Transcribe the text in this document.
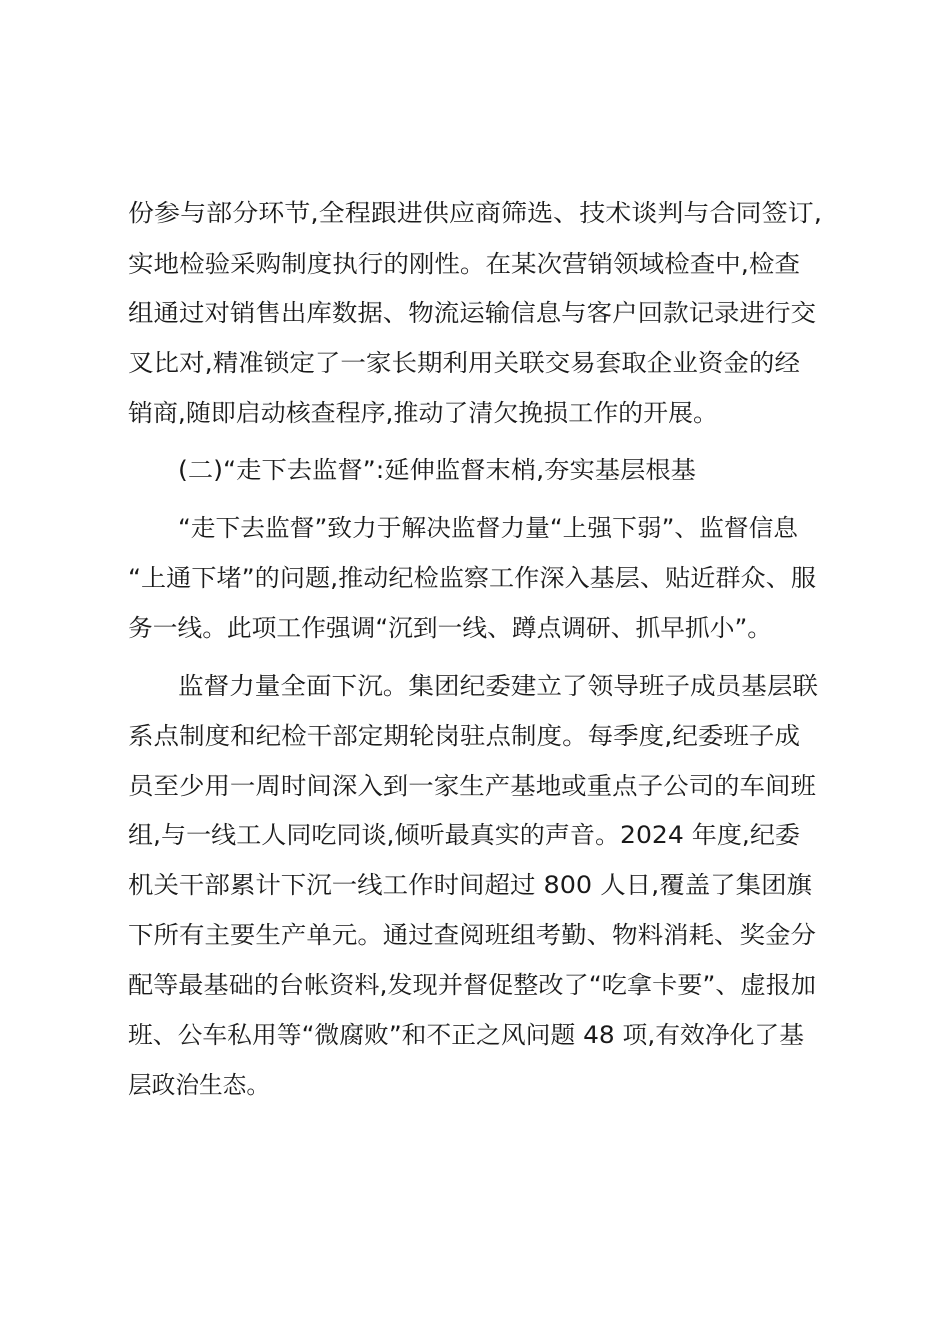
份参与部分环节,全程跟进供应商筛选、技术谈判与合同签订,
实地检验采购制度执行的刚性。在某次营销领域检查中,检查
组通过对销售出库数据、物流运输信息与客户回款记录进行交
叉比对,精准锁定了一家长期利用关联交易套取企业资金的经
销商,随即启动核查程序,推动了清欠挽损工作的开展。
(二)“走下去监督”:延伸监督末梢,夯实基层根基
“走下去监督”致力于解决监督力量“上强下弱”、监督信息
“上通下堵”的问题,推动纪检监察工作深入基层、贴近群众、服
务一线。此项工作强调“沉到一线、蹲点调研、抓早抓小”。
监督力量全面下沉。集团纪委建立了领导班子成员基层联
系点制度和纪检干部定期轮岗驻点制度。每季度,纪委班子成
员至少用一周时间深入到一家生产基地或重点子公司的车间班
组,与一线工人同吃同谈,倾听最真实的声音。2024 年度,纪委
机关干部累计下沉一线工作时间超过 800 人日,覆盖了集团旗
下所有主要生产单元。通过查阅班组考勤、物料消耗、奖金分
配等最基础的台帐资料,发现并督促整改了“吃拿卡要”、虚报加
班、公车私用等“微腐败”和不正之风问题 48 项,有效净化了基
层政治生态。
